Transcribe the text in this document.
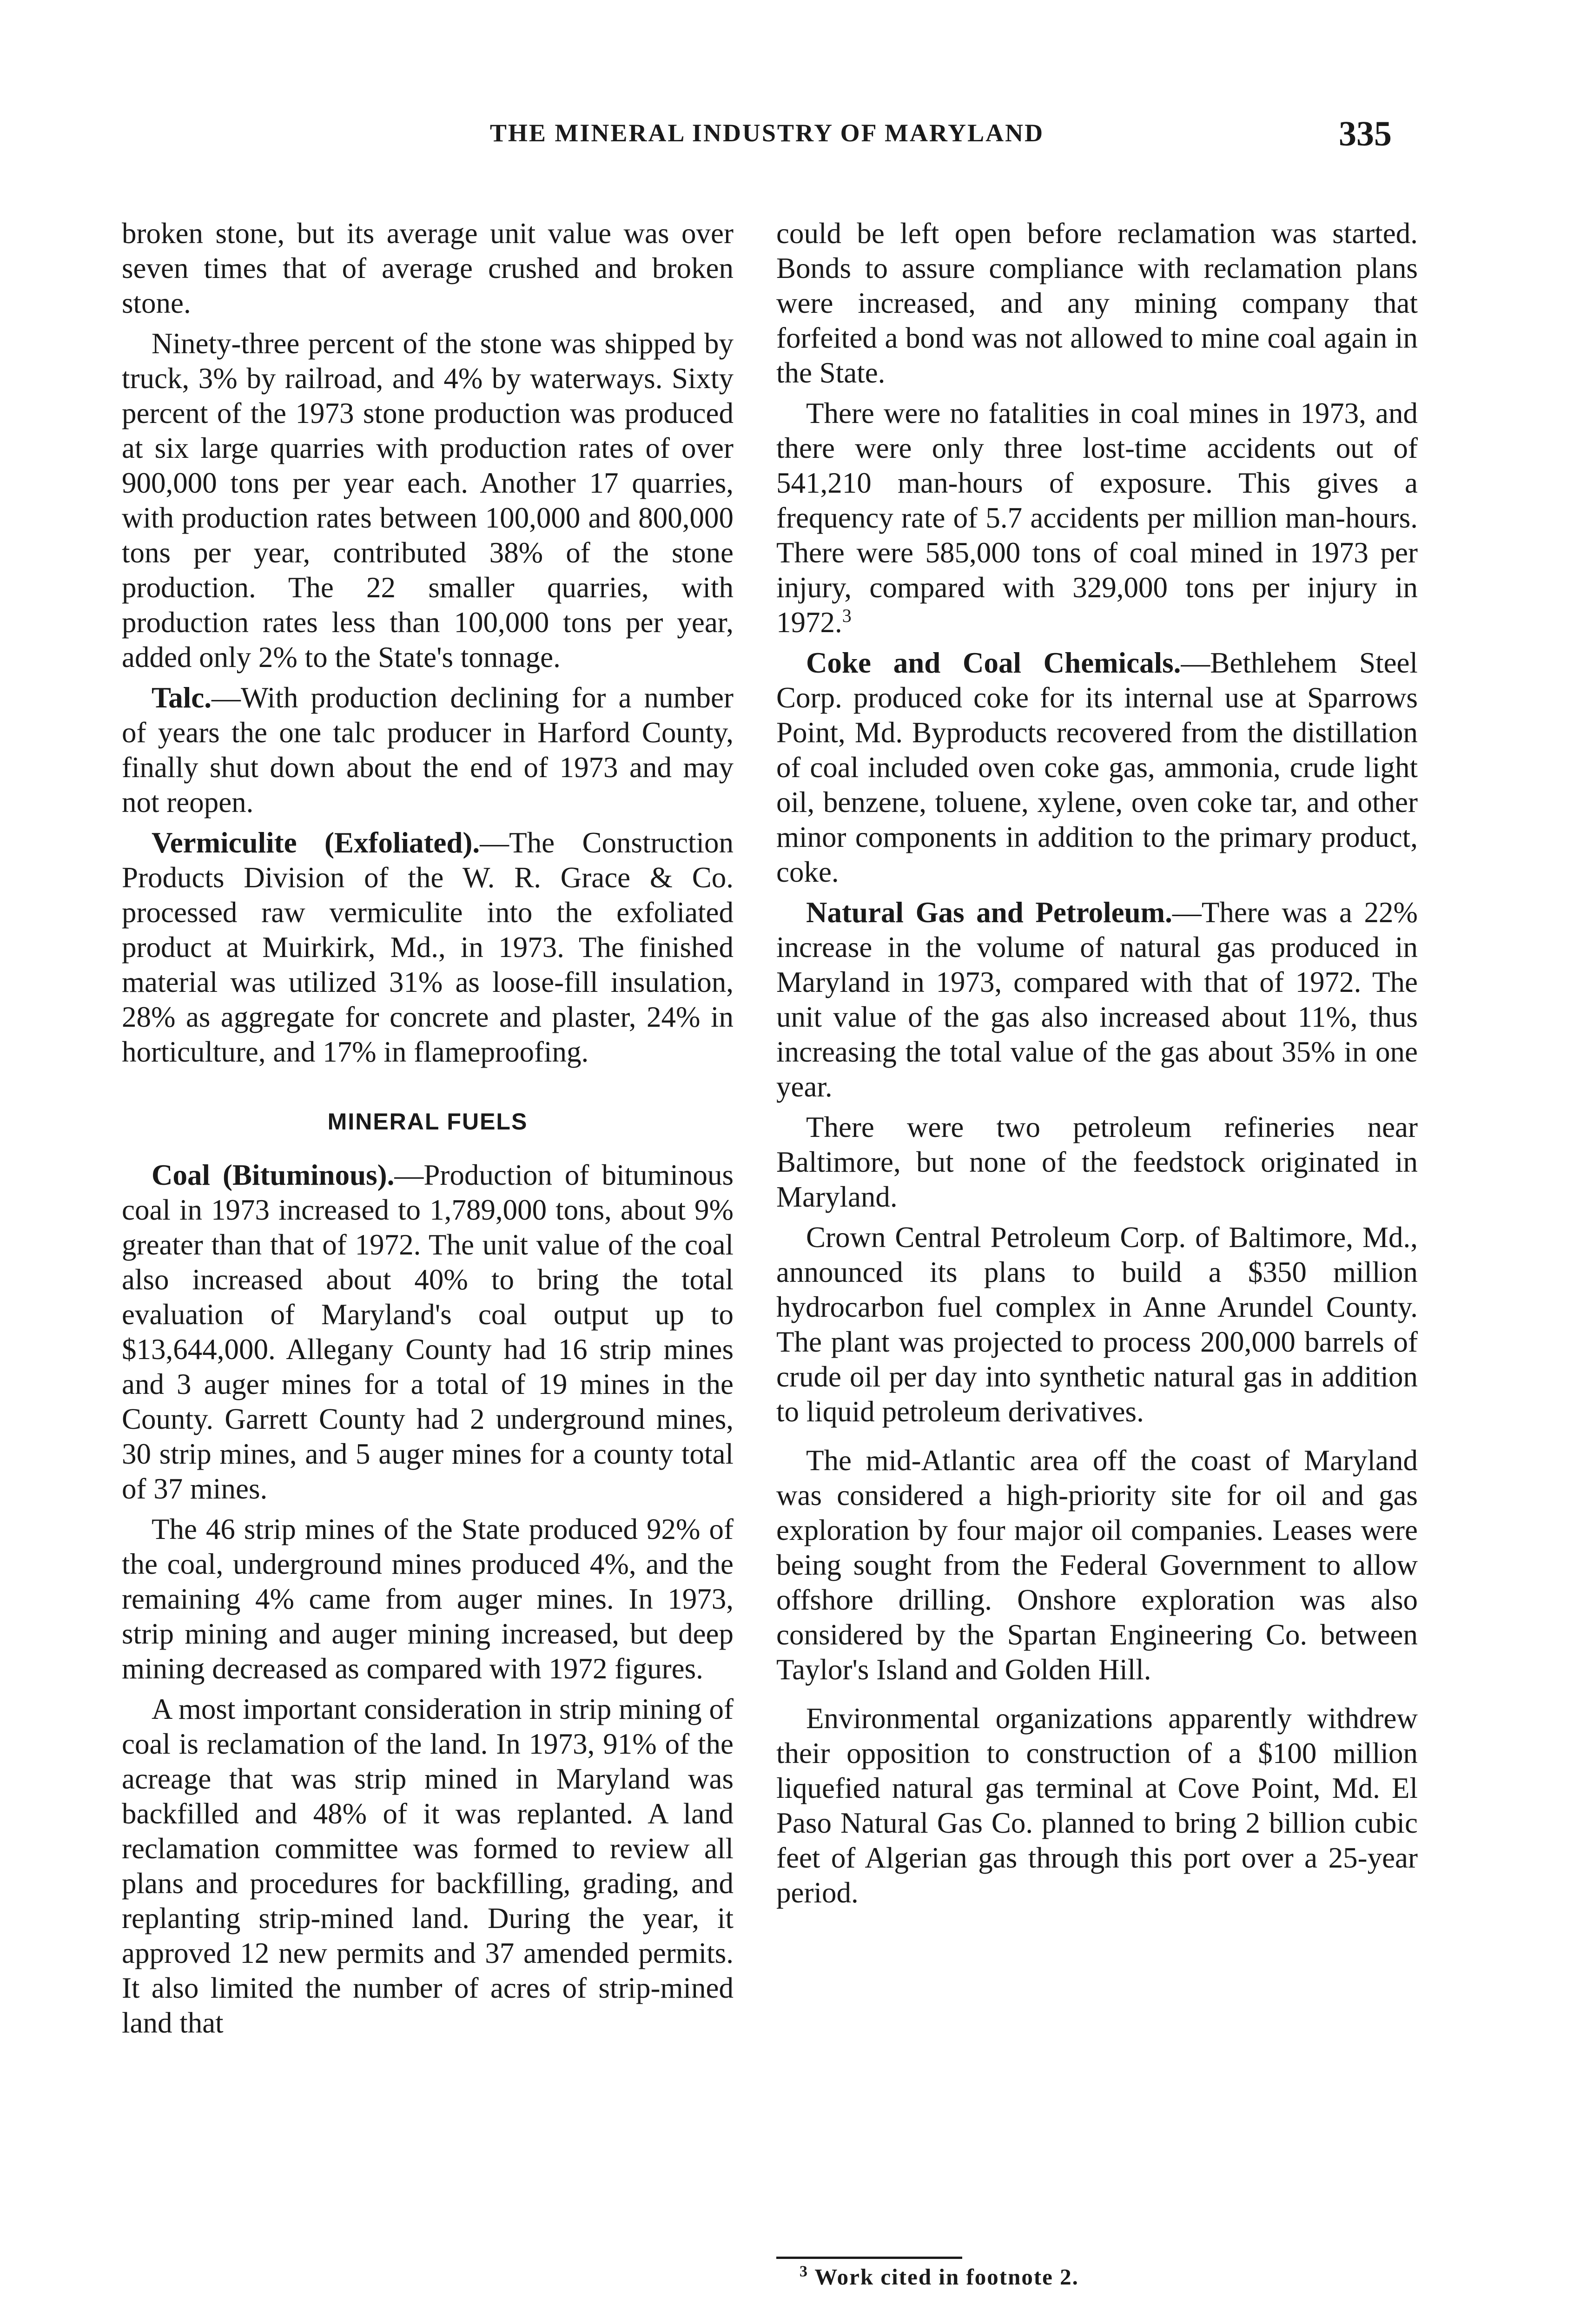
THE MINERAL INDUSTRY OF MARYLAND	335

broken stone, but its average unit value was over seven times that of average crushed and broken stone.

Ninety-three percent of the stone was shipped by truck, 3% by railroad, and 4% by waterways. Sixty percent of the 1973 stone production was produced at six large quarries with production rates of over 900,000 tons per year each. Another 17 quarries, with production rates between 100,000 and 800,000 tons per year, contributed 38% of the stone production. The 22 smaller quarries, with production rates less than 100,000 tons per year, added only 2% to the State's tonnage.

Talc.—With production declining for a number of years the one talc producer in Harford County, finally shut down about the end of 1973 and may not reopen.

Vermiculite (Exfoliated).—The Construction Products Division of the W. R. Grace & Co. processed raw vermiculite into the exfoliated product at Muirkirk, Md., in 1973. The finished material was utilized 31% as loose-fill insulation, 28% as aggregate for concrete and plaster, 24% in horticulture, and 17% in flameproofing.

MINERAL FUELS

Coal (Bituminous).—Production of bituminous coal in 1973 increased to 1,789,000 tons, about 9% greater than that of 1972. The unit value of the coal also increased about 40% to bring the total evaluation of Maryland's coal output up to $13,644,000. Allegany County had 16 strip mines and 3 auger mines for a total of 19 mines in the County. Garrett County had 2 underground mines, 30 strip mines, and 5 auger mines for a county total of 37 mines.

The 46 strip mines of the State produced 92% of the coal, underground mines produced 4%, and the remaining 4% came from auger mines. In 1973, strip mining and auger mining increased, but deep mining decreased as compared with 1972 figures.

A most important consideration in strip mining of coal is reclamation of the land. In 1973, 91% of the acreage that was strip mined in Maryland was backfilled and 48% of it was replanted. A land reclamation committee was formed to review all plans and procedures for backfilling, grading, and replanting strip-mined land. During the year, it approved 12 new permits and 37 amended permits. It also limited the number of acres of strip-mined land that

could be left open before reclamation was started. Bonds to assure compliance with reclamation plans were increased, and any mining company that forfeited a bond was not allowed to mine coal again in the State.

There were no fatalities in coal mines in 1973, and there were only three lost-time accidents out of 541,210 man-hours of exposure. This gives a frequency rate of 5.7 accidents per million man-hours. There were 585,000 tons of coal mined in 1973 per injury, compared with 329,000 tons per injury in 1972.$^3$

Coke and Coal Chemicals.—Bethlehem Steel Corp. produced coke for its internal use at Sparrows Point, Md. Byproducts recovered from the distillation of coal included oven coke gas, ammonia, crude light oil, benzene, toluene, xylene, oven coke tar, and other minor components in addition to the primary product, coke.

Natural Gas and Petroleum.—There was a 22% increase in the volume of natural gas produced in Maryland in 1973, compared with that of 1972. The unit value of the gas also increased about 11%, thus increasing the total value of the gas about 35% in one year.

There were two petroleum refineries near Baltimore, but none of the feedstock originated in Maryland.

Crown Central Petroleum Corp. of Baltimore, Md., announced its plans to build a $350 million hydrocarbon fuel complex in Anne Arundel County. The plant was projected to process 200,000 barrels of crude oil per day into synthetic natural gas in addition to liquid petroleum derivatives.

The mid-Atlantic area off the coast of Maryland was considered a high-priority site for oil and gas exploration by four major oil companies. Leases were being sought from the Federal Government to allow offshore drilling. Onshore exploration was also considered by the Spartan Engineering Co. between Taylor's Island and Golden Hill.

Environmental organizations apparently withdrew their opposition to construction of a $100 million liquefied natural gas terminal at Cove Point, Md. El Paso Natural Gas Co. planned to bring 2 billion cubic feet of Algerian gas through this port over a 25-year period.

$^3$ Work cited in footnote 2.
